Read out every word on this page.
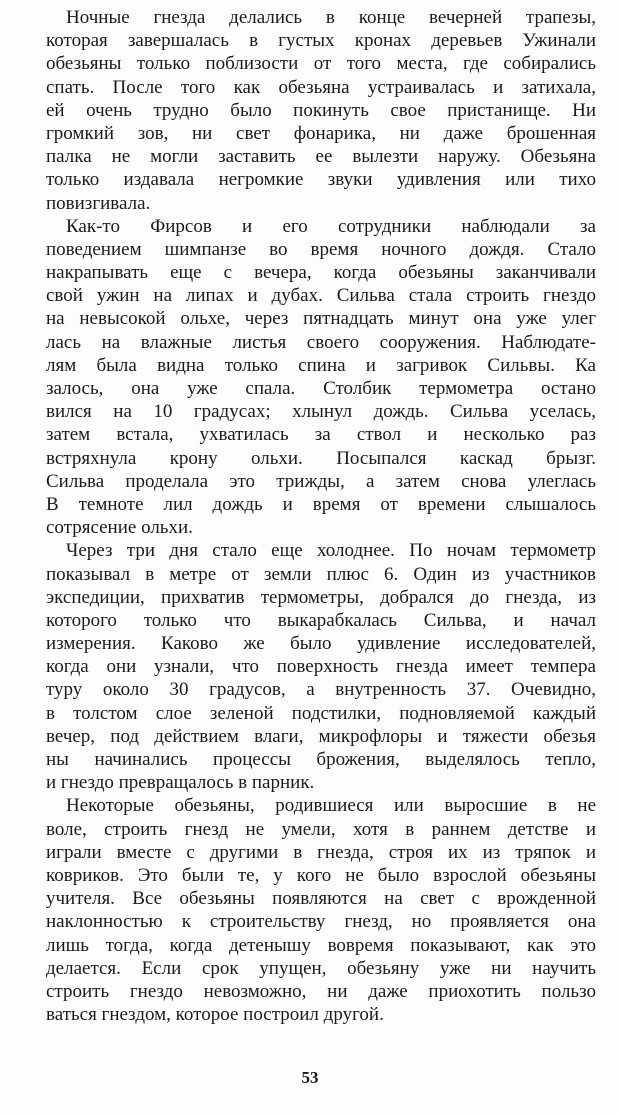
Ночные гнезда делались в конце вечерней трапезы,
которая завершалась в густых кронах деревьев Ужинали
обезьяны только поблизости от того места, где собирались
спать. После того как обезьяна устраивалась и затихала,
ей очень трудно было покинуть свое пристанище. Ни
громкий зов, ни свет фонарика, ни даже брошенная
палка не могли заставить ее вылезти наружу. Обезьяна
только издавала негромкие звуки удивления или тихо
повизгивала.
Как-то Фирсов и его сотрудники наблюдали за
поведением шимпанзе во время ночного дождя. Стало
накрапывать еще с вечера, когда обезьяны заканчивали
свой ужин на липах и дубах. Сильва стала строить гнездо
на невысокой ольхе, через пятнадцать минут она уже улег
лась на влажные листья своего сооружения. Наблюдате-
лям была видна только спина и загривок Сильвы. Ка
залось, она уже спала. Столбик термометра остано
вился на 10 градусах; хлынул дождь. Сильва уселась,
затем встала, ухватилась за ствол и несколько раз
встряхнула крону ольхи. Посыпался каскад брызг.
Сильва проделала это трижды, а затем снова улеглась
В темноте лил дождь и время от времени слышалось
сотрясение ольхи.
Через три дня стало еще холоднее. По ночам термометр
показывал в метре от земли плюс 6. Один из участников
экспедиции, прихватив термометры, добрался до гнезда, из
которого только что выкарабкалась Сильва, и начал
измерения. Каково же было удивление исследователей,
когда они узнали, что поверхность гнезда имеет темпера
туру около 30 градусов, а внутренность 37. Очевидно,
в толстом слое зеленой подстилки, подновляемой каждый
вечер, под действием влаги, микрофлоры и тяжести обезья
ны начинались процессы брожения, выделялось тепло,
и гнездо превращалось в парник.
Некоторые обезьяны, родившиеся или выросшие в не
воле, строить гнезд не умели, хотя в раннем детстве и
играли вместе с другими в гнезда, строя их из тряпок и
ковриков. Это были те, у кого не было взрослой обезьяны
учителя. Все обезьяны появляются на свет с врожденной
наклонностью к строительству гнезд, но проявляется она
лишь тогда, когда детенышу вовремя показывают, как это
делается. Если срок упущен, обезьяну уже ни научить
строить гнездо невозможно, ни даже приохотить пользо
ваться гнездом, которое построил другой.
53
